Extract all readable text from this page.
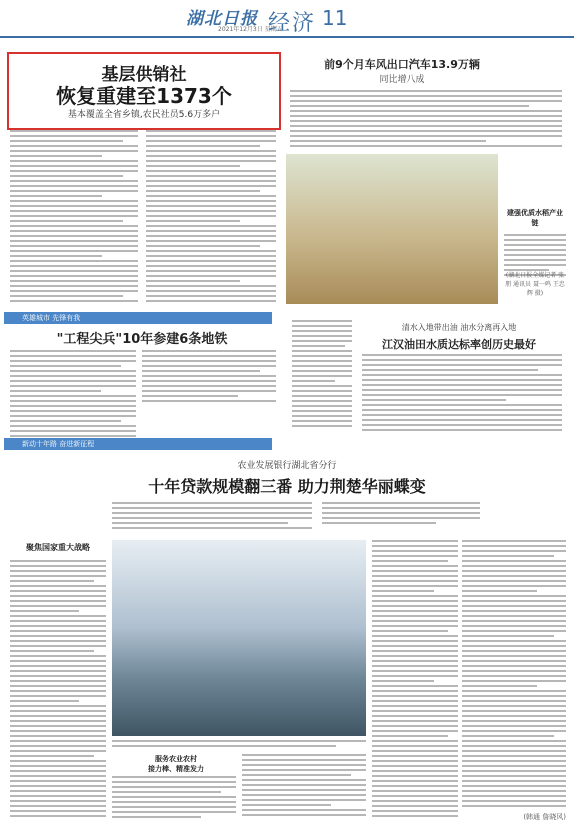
湖北日报
2021年12月3日 星期五
经济 11
基层供销社
恢复重建至1373个
基本覆盖全省乡镇,农民社员5.6万多户
前9个月车风出口汽车13.9万辆
同比增八成
建强优质水稻产业链
(湖北日报全媒记者 张朋 通讯员 聂一鸣 王忠辉 摄)
英雄城市 先锋有我
"工程尖兵"10年参建6条地铁
清水入地带出油 油水分离再入地
江汉油田水质达标率创历史最好
新动十年路 奋进新征程
农业发展银行湖北省分行
十年贷款规模翻三番 助力荆楚华丽蝶变
聚焦国家重大战略
(韩通 詹晓风)
服务农业农村
接力棒、精准发力
